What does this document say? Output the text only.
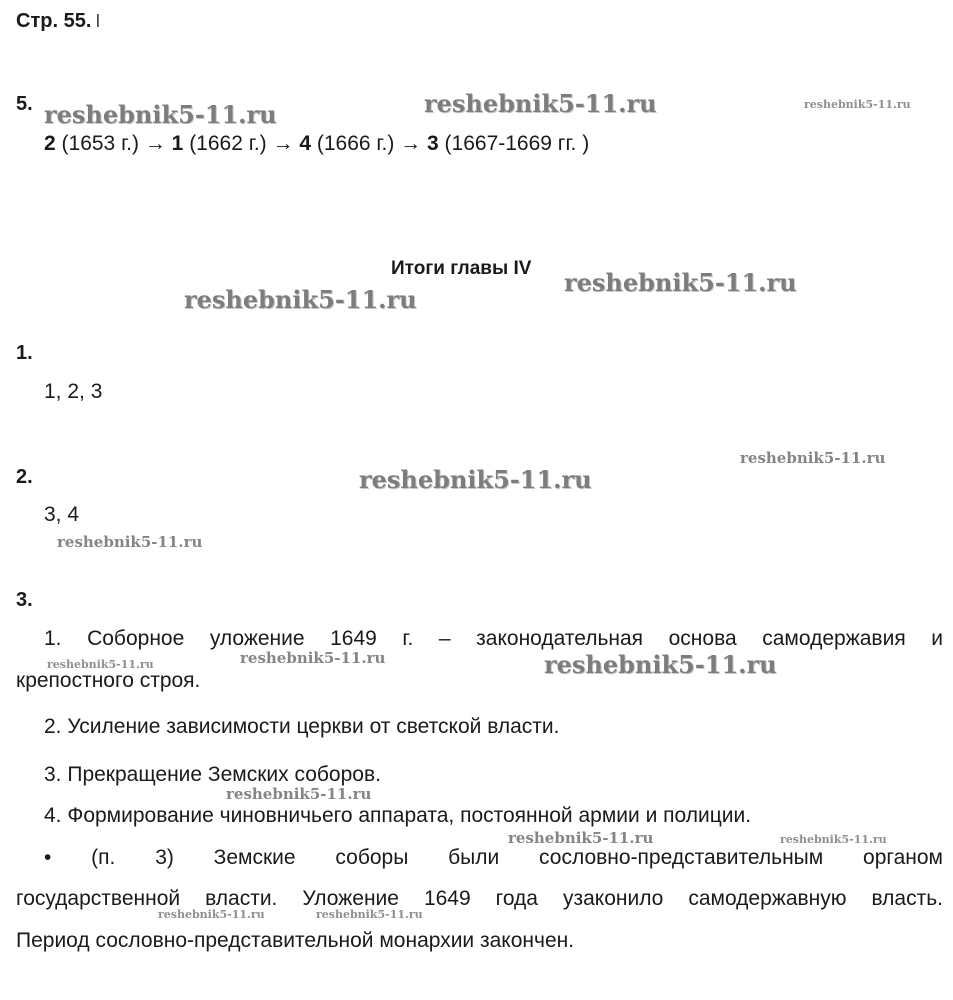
Стр. 55. I
5.
2 (1653 г.) → 1 (1662 г.) → 4 (1666 г.) → 3 (1667-1669 гг. )
Итоги главы IV
1.
1, 2, 3
2.
3, 4
3.
1. Соборное уложение 1649 г. – законодательная основа самодержавия и
крепостного строя.
2. Усиление зависимости церкви от светской власти.
3. Прекращение Земских соборов.
4. Формирование чиновничьего аппарата, постоянной армии и полиции.
• (п. 3) Земские соборы были сословно-представительным органом
государственной власти. Уложение 1649 года узаконило самодержавную власть.
Период сословно-представительной монархии закончен.
reshebnik5-11.ru	reshebnik5-11.ru	reshebnik5-11.ru
reshebnik5-11.ru
reshebnik5-11.ru
reshebnik5-11.ru
reshebnik5-11.ru
reshebnik5-11.ru
reshebnik5-11.ru	reshebnik5-11.ru	reshebnik5-11.ru
reshebnik5-11.ru
reshebnik5-11.ru	reshebnik5-11.ru
reshebnik5-11.ru	reshebnik5-11.ru
